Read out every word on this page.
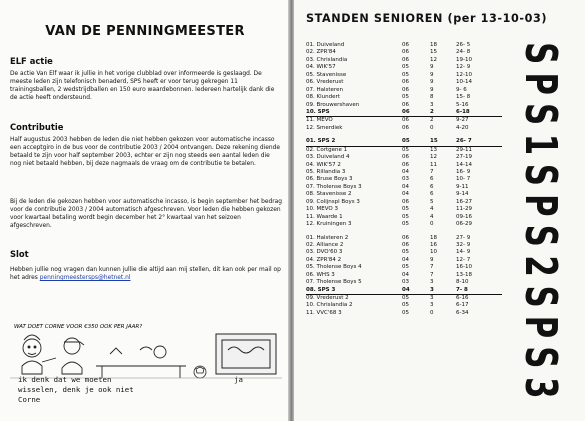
VAN DE PENNINGMEESTER
ELF actie

De actie Van Elf waar ik jullie in het vorige clubblad over informeerde is geslaagd. De meeste leden zijn telefonisch benaderd, SPS heeft er voor terug gekregen 11 trainingsballen, 2 wedstrijdballen en 150 euro waardebonnen. Iedereen hartelijk dank die de actie heeft ondersteund.

Contributie

Half augustus 2003 hebben de leden die niet hebben gekozen voor automatische incasso een acceptgiro in de bus voor de contributie 2003 / 2004 ontvangen. Deze rekening diende betaald te zijn voor half september 2003, echter er zijn nog steeds een aantal leden die nog niet betaald hebben, bij deze nagmaals de vraag om de contributie te betalen.

Bij de leden die gekozen hebben voor automatische incasso, is begin september het bedrag voor de contributie 2003 / 2004 automatisch afgeschreven. Voor leden die hebben gekozen voor kwartaal betaling wordt begin december het 2° kwartaal van het seizoen afgeschreven.

Slot

Hebben jullie nog vragen dan kunnen jullie die altijd aan mij stellen, dit kan ook per mail op het adres penningmeestersps@hetnet.nl

WAT DOET CORNE VOOR €350 OOK PER JAAR?
ik denk dat we moeten
wisselen, denk je ook niet
Corne
ja
STANDEN SENIOREN (per 13-10-03)
01. Duiveland	06	18	26- 5
02. ZPR'84	06	15	24- 8
03. Chrislandia	06	12	19-10
04. WIK'57	05	9	12- 9
05. Stavenisse	05	9	12-10
06. Vrederust	06	9	10-14
07. Halsteren	06	9	9- 6
08. Klundert	05	8	15- 8
09. Brouwershaven	06	3	5-16
10. SPS	06	2	6-18
11. MEVO	06	2	9-27
12. Smerdiek	06	0	4-20
01. SPS 2	05	15	26- 7
02. Cortgene 1	05	13	29-11
03. Duiveland 4	06	12	27-19
04. WIK'57 2	06	11	14-14
05. Rillandia 3	04	7	16- 9
06. Bruse Boys 3	03	6	10- 7
07. Tholense Boys 3	04	6	9-11
08. Stavenisse 2	04	6	9-14
09. Colijnspl Boys 3	06	5	16-27
10. MEVO 3	05	4	11-29
11. Waarde 1	05	4	09-16
12. Kruiningen 3	05	0	06-29
01. Halsteren 2	06	18	27- 9
02. Alliance 2	06	16	32- 9
03. DVO'60 3	05	10	14- 9
04. ZPR'84 2	04	9	12- 7
05. Tholense Boys 4	05	7	16-10
06. WHS 3	04	7	13-18
07. Tholense Boys 5	03	3	8-10
08. SPS 3	04	3	7- 8
09. Vrederust 2	05	3	6-16
10. Chrislandia 2	05	3	6-17
11. VVC'68 3	05	0	6-34
S
P
S
1
S
P
S
2
S
P
S
3
